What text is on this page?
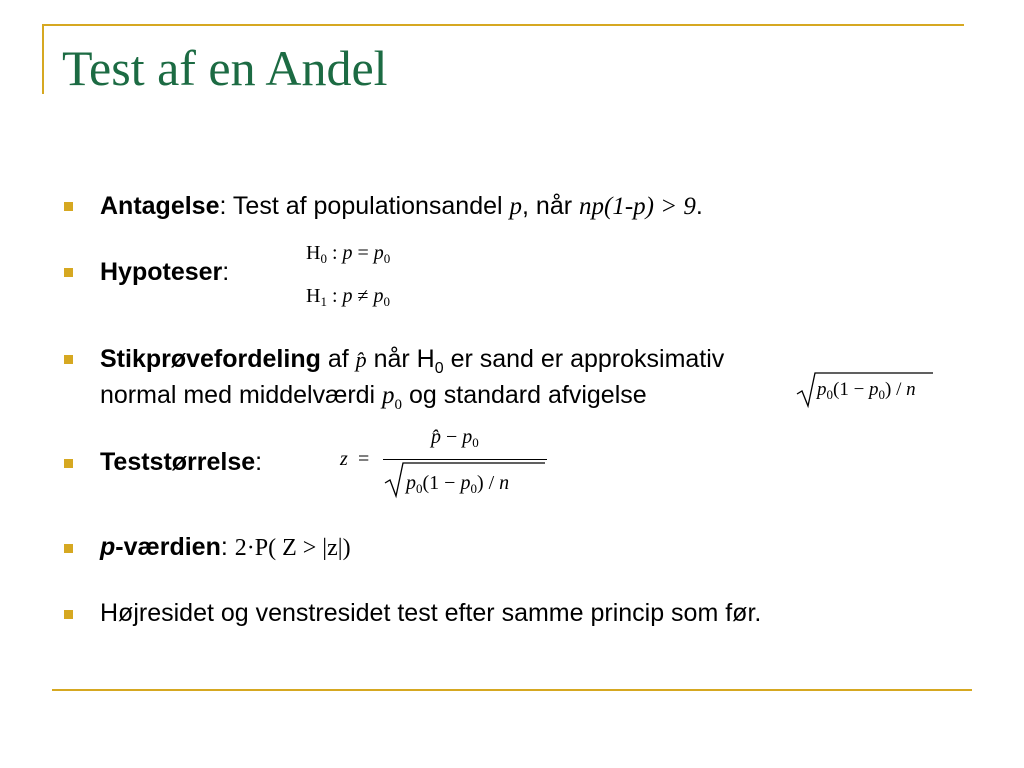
Test af en Andel
Antagelse: Test af populationsandel p, når np(1-p) > 9.
Hypoteser:
$H_0$ : $p = p_0$
$H_1$ : $p \ne p_0$
Stikprøvefordeling af p̂ når $H_0$ er sand er approksimativ
normal med middelværdi $p_0$ og standard afvigelse	$p_0(1 - p_0) / n$
Teststørrelse:	z =
p̂ − $p_0$
$p_0(1 - p_0) / n$
p-værdien: 2·P( Z > |z|)
Højresidet og venstresidet test efter samme princip som før.
